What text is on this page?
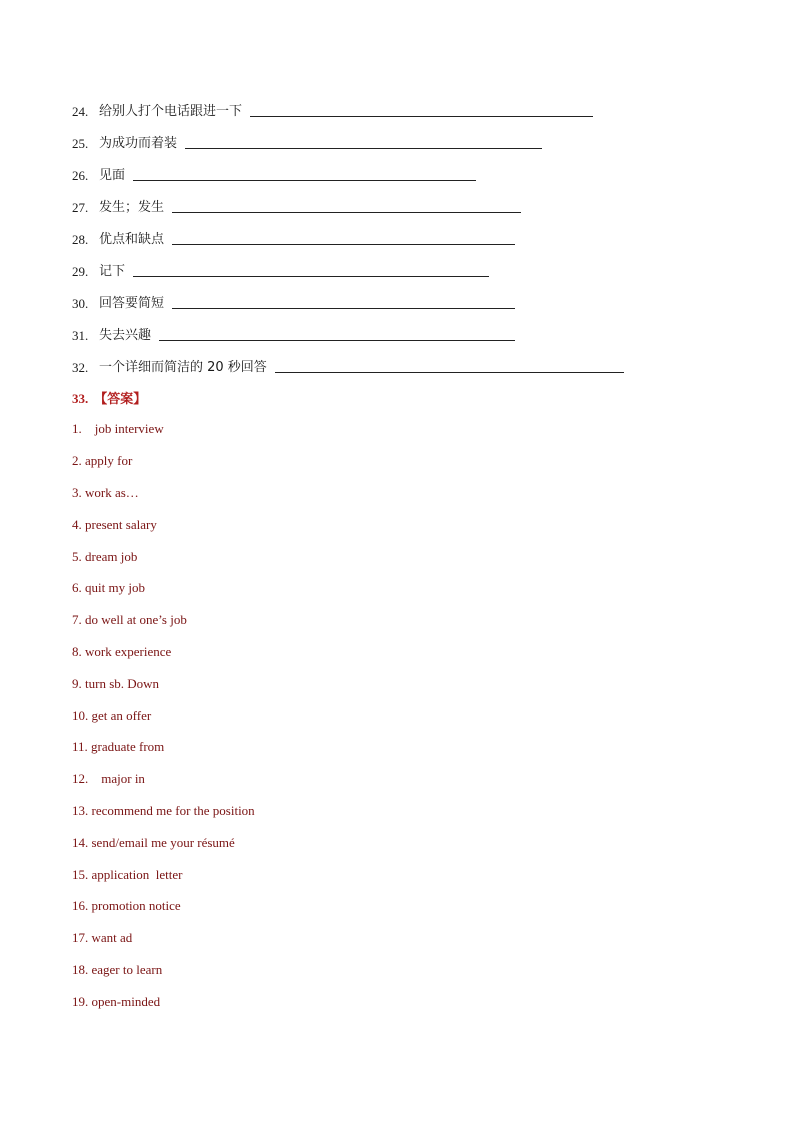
24. 给别人打个电话跟进一下
25. 为成功而着装
26. 见面
27. 发生；发生
28. 优点和缺点
29. 记下
30. 回答要简短
31. 失去兴趣
32. 一个详细而简洁的 20 秒回答
33. 【答案】
1.    job interview
2. apply for
3. work as…
4. present salary
5. dream job
6. quit my job
7. do well at one’s job
8. work experience
9. turn sb. Down
10. get an offer
11. graduate from
12.    major in
13. recommend me for the position
14. send/email me your résumé
15. application  letter
16. promotion notice
17. want ad
18. eager to learn
19. open-minded
